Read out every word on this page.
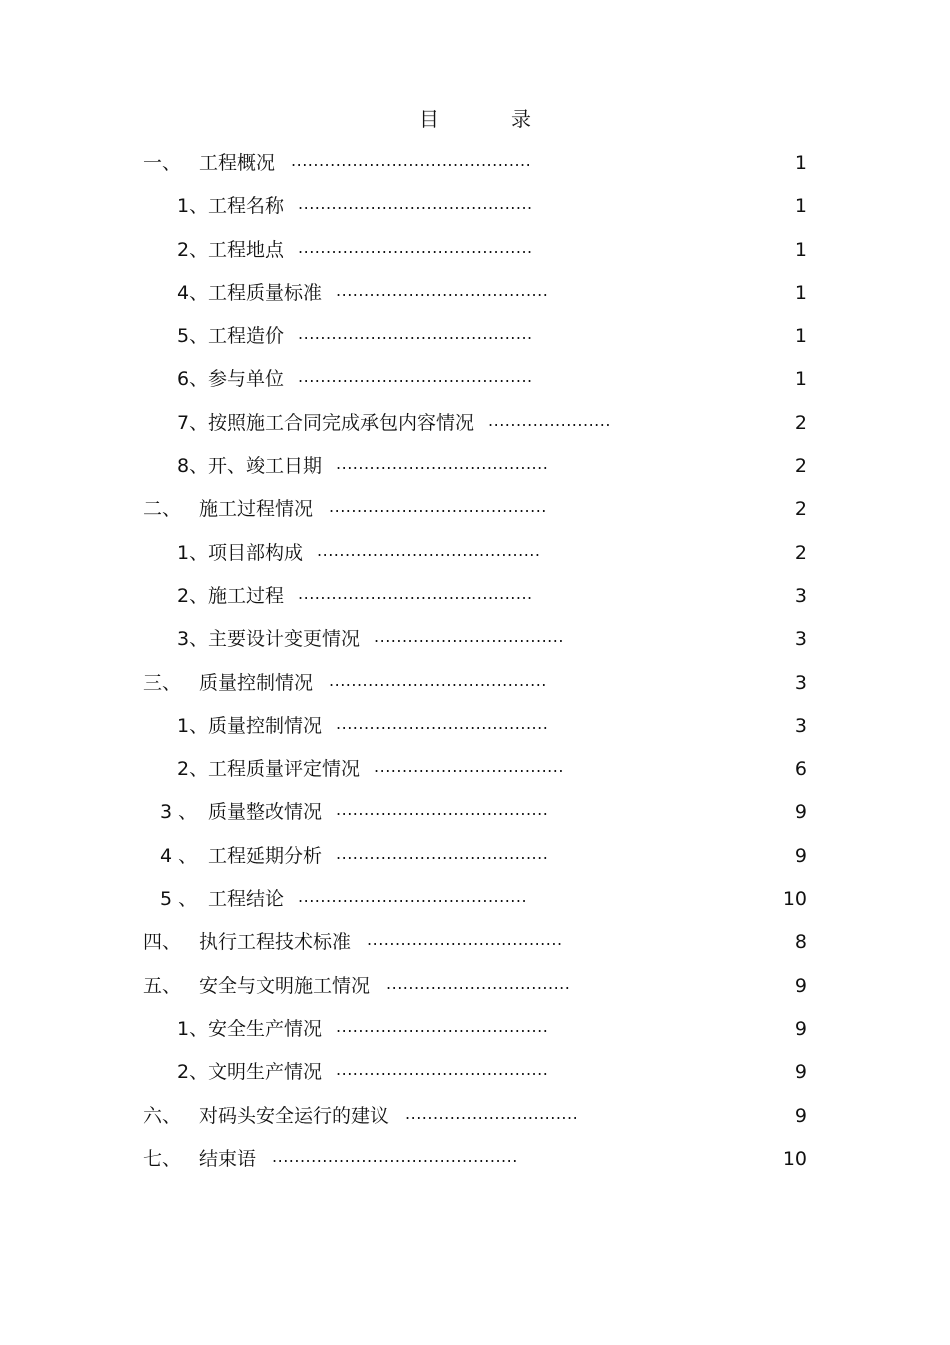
目　录
一、 工程概况 ...........................................	1
1、 工程名称 ..........................................	1
2、 工程地点 ..........................................	1
4、 工程质量标准 ......................................	1
5、 工程造价 ..........................................	1
6、 参与单位 ..........................................	1
7、 按照施工合同完成承包内容情况 ......................	2
8、 开、竣工日期 ......................................	2
二、 施工过程情况 .......................................	2
1、 项目部构成 ........................................	2
2、 施工过程 ..........................................	3
3、 主要设计变更情况 ..................................	3
三、 质量控制情况 .......................................	3
1、 质量控制情况 ......................................	3
2、 工程质量评定情况 ..................................	6
3 、 质量整改情况 ......................................	9
4 、 工程延期分析 ......................................	9
5 、 工程结论 .........................................	10
四、 执行工程技术标准 ...................................	8
五、 安全与文明施工情况 .................................	9
1、 安全生产情况 ......................................	9
2、 文明生产情况 ......................................	9
六、 对码头安全运行的建议 ...............................	9
七、 结束语 ............................................	10
